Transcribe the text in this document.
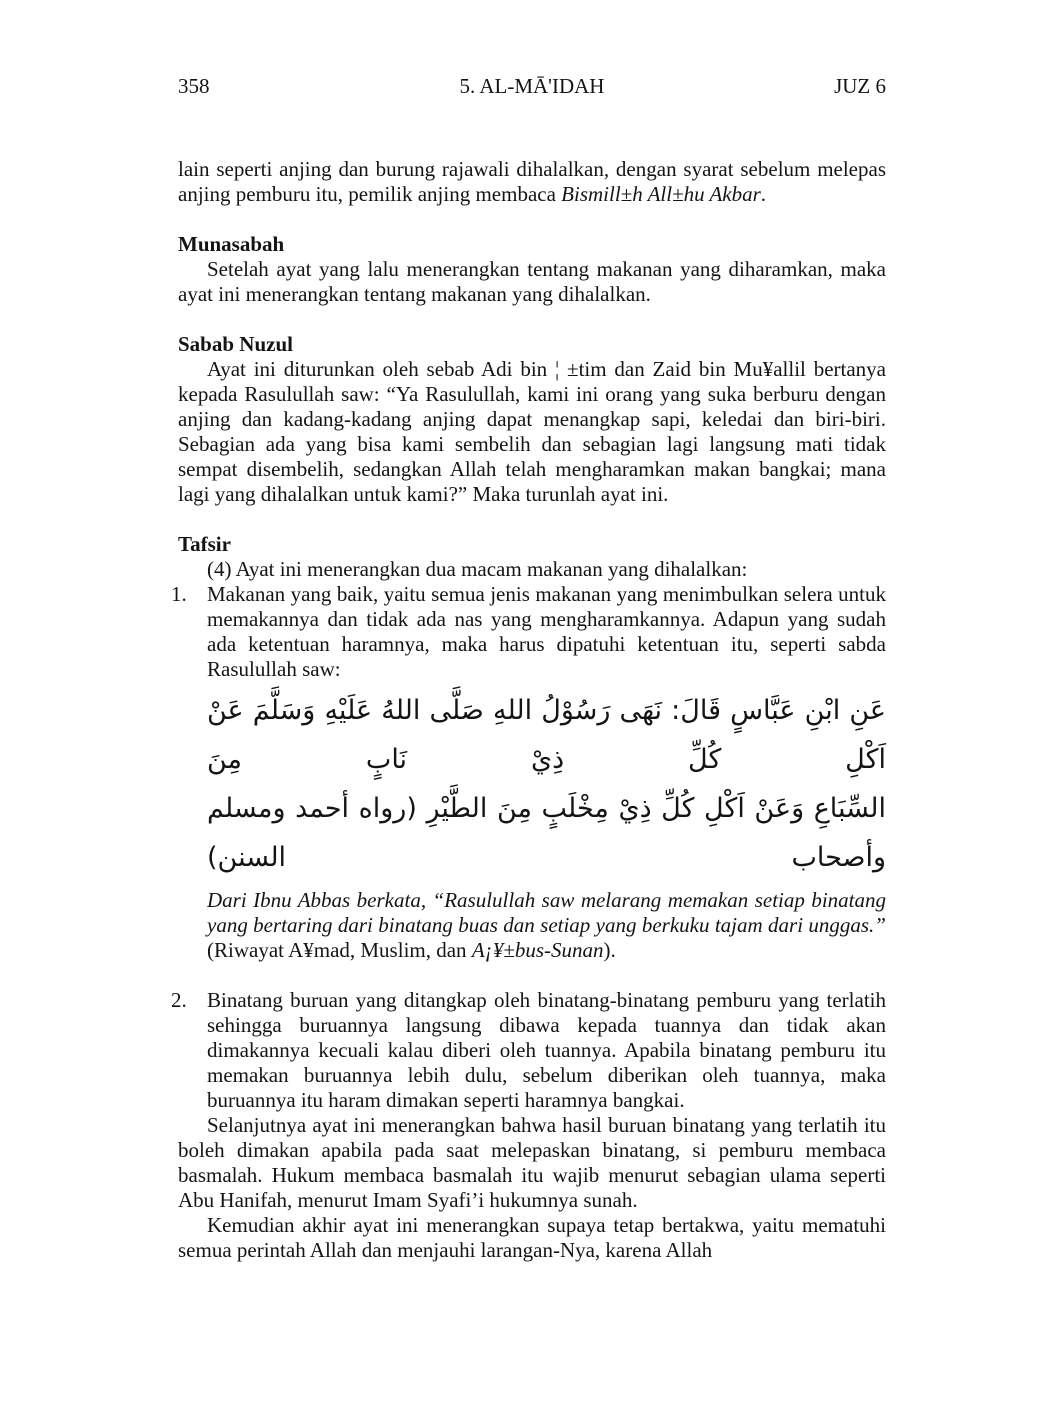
358	5. AL-MĀ'IDAH	JUZ 6

lain seperti anjing dan burung rajawali dihalalkan, dengan syarat sebelum melepas anjing pemburu itu, pemilik anjing membaca Bismill±h All±hu Akbar.

Munasabah

Setelah ayat yang lalu menerangkan tentang makanan yang diharamkan, maka ayat ini menerangkan tentang makanan yang dihalalkan.

Sabab Nuzul

Ayat ini diturunkan oleh sebab Adi bin ¦ ±tim dan Zaid bin Mu¥allil bertanya kepada Rasulullah saw: “Ya Rasulullah, kami ini orang yang suka berburu dengan anjing dan kadang-kadang anjing dapat menangkap sapi, keledai dan biri-biri. Sebagian ada yang bisa kami sembelih dan sebagian lagi langsung mati tidak sempat disembelih, sedangkan Allah telah mengharamkan makan bangkai; mana lagi yang dihalalkan untuk kami?” Maka turunlah ayat ini.

Tafsir

(4) Ayat ini menerangkan dua macam makanan yang dihalalkan:

1. Makanan yang baik, yaitu semua jenis makanan yang menimbulkan selera untuk memakannya dan tidak ada nas yang mengharamkannya. Adapun yang sudah ada ketentuan haramnya, maka harus dipatuhi ketentuan itu, seperti sabda Rasulullah saw:

عَنِ ابْنِ عَبَّاسٍ قَالَ: نَهَى رَسُوْلُ اللهِ صَلَّى اللهُ عَلَيْهِ وَسَلَّمَ عَنْ اَكْلِ كُلِّ ذِيْ نَابٍ مِنَ
السِّبَاعِ وَعَنْ اَكْلِ كُلِّ ذِيْ مِخْلَبٍ مِنَ الطَّيْرِ (رواه أحمد ومسلم وأصحاب السنن)

Dari Ibnu Abbas berkata, “Rasulullah saw melarang memakan setiap binatang yang bertaring dari binatang buas dan setiap yang berkuku tajam dari unggas.” (Riwayat A¥mad, Muslim, dan A¡¥±bus-Sunan).

2. Binatang buruan yang ditangkap oleh binatang-binatang pemburu yang terlatih sehingga buruannya langsung dibawa kepada tuannya dan tidak akan dimakannya kecuali kalau diberi oleh tuannya. Apabila binatang pemburu itu memakan buruannya lebih dulu, sebelum diberikan oleh tuannya, maka buruannya itu haram dimakan seperti haramnya bangkai.

Selanjutnya ayat ini menerangkan bahwa hasil buruan binatang yang terlatih itu boleh dimakan apabila pada saat melepaskan binatang, si pemburu membaca basmalah. Hukum membaca basmalah itu wajib menurut sebagian ulama seperti Abu Hanifah, menurut Imam Syafi’i hukumnya sunah.

Kemudian akhir ayat ini menerangkan supaya tetap bertakwa, yaitu mematuhi semua perintah Allah dan menjauhi larangan-Nya, karena Allah
